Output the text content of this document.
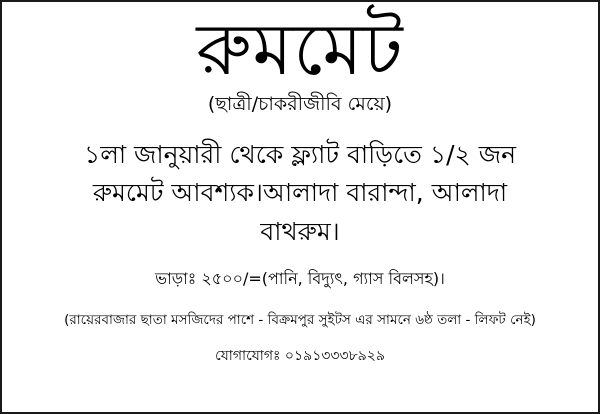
রুমমেট
(ছাত্রী/চাকরীজীবি মেয়ে)
১লা জানুয়ারী থেকে ফ্ল্যাট বাড়িতে ১/২ জন
রুমমেট আবশ্যক।আলাদা বারান্দা, আলাদা
বাথরুম।
ভাড়াঃ ২৫০০/=(পানি, বিদ্যুৎ, গ্যাস বিলসহ)।
(রায়েরবাজার ছাতা মসজিদের পাশে - বিক্রমপুর সুইটস এর সামনে ৬ষ্ঠ তলা - লিফট নেই)
যোগাযোগঃ ০১৯১৩৩৩৮৯২৯
